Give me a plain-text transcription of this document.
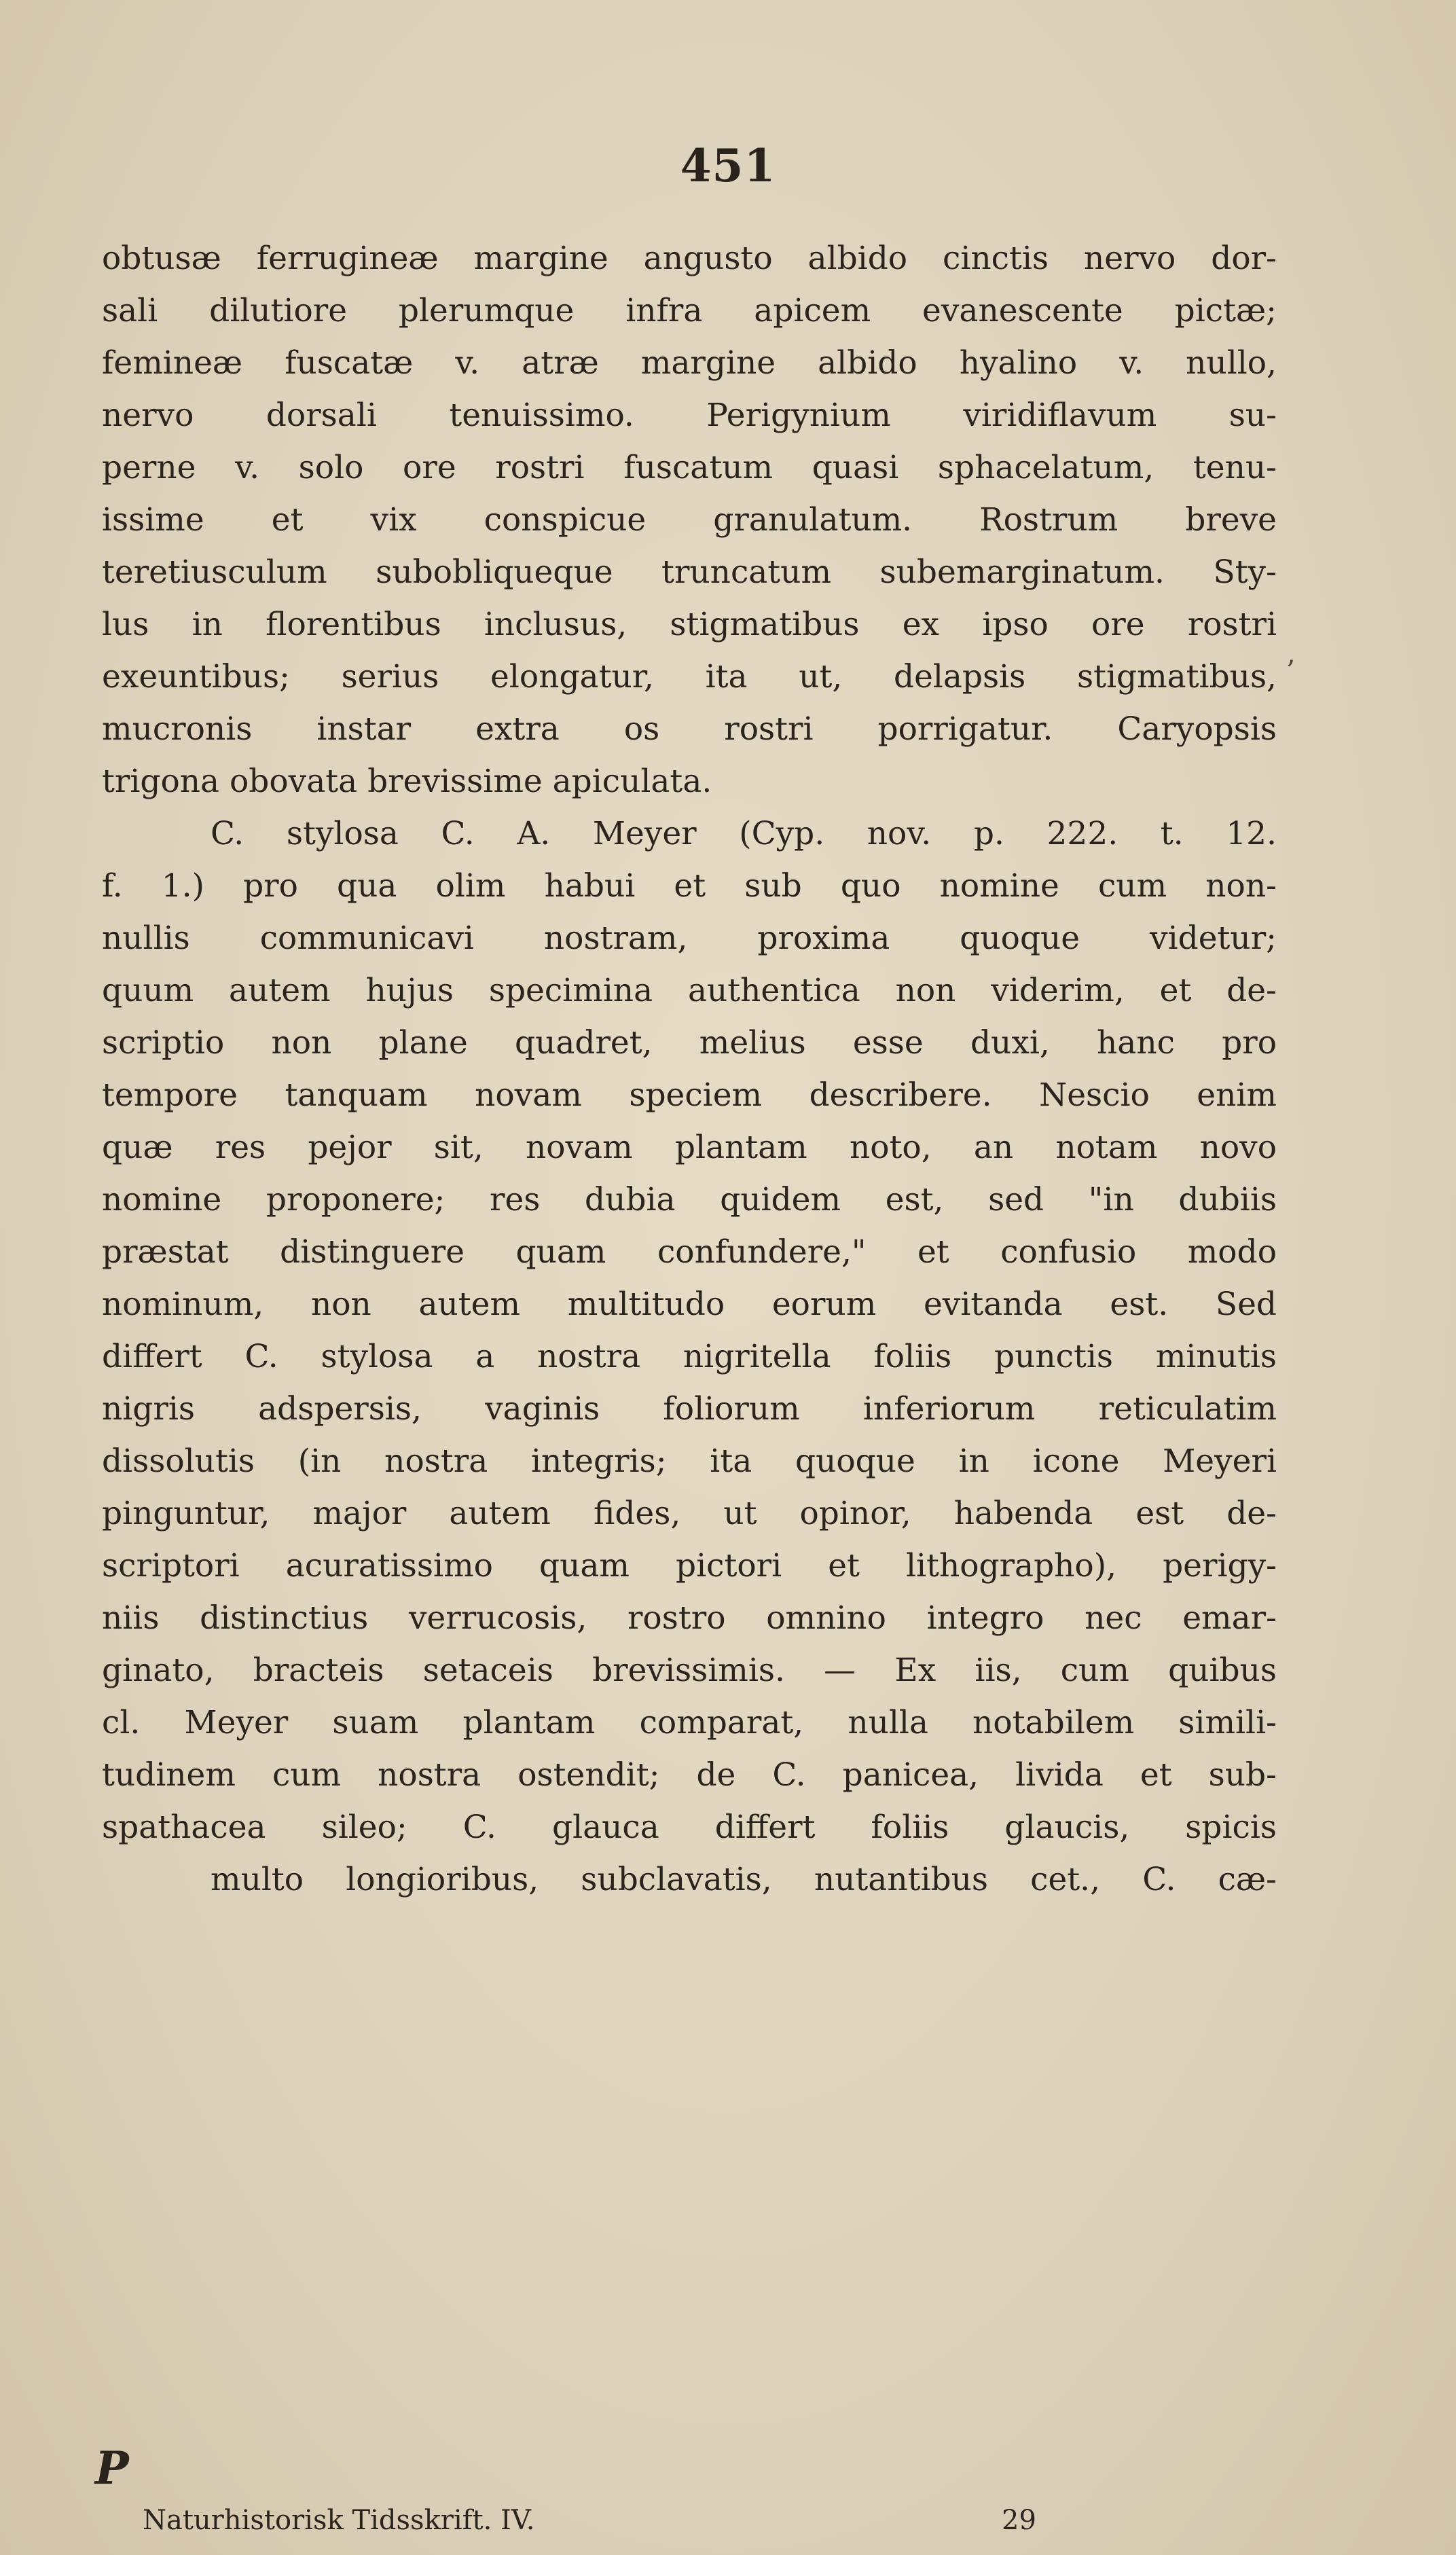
451
obtusæ ferrugineæ margine angusto albido cinctis nervo dor-
sali dilutiore plerumque infra apicem evanescente pictæ;
femineæ fuscatæ v. atræ margine albido hyalino v. nullo,
nervo dorsali tenuissimo. Perigynium viridiflavum su-
perne v. solo ore rostri fuscatum quasi sphacelatum, tenu-
issime et vix conspicue granulatum. Rostrum breve
teretiusculum subobliqueque truncatum subemarginatum. Sty-
lus in florentibus inclusus, stigmatibus ex ipso ore rostri
exeuntibus; serius elongatur, ita ut, delapsis stigmatibus,
mucronis instar extra os rostri porrigatur. Caryopsis
trigona obovata brevissime apiculata.
C. stylosa C. A. Meyer (Cyp. nov. p. 222. t. 12.
f. 1.) pro qua olim habui et sub quo nomine cum non-
nullis communicavi nostram, proxima quoque videtur;
quum autem hujus specimina authentica non viderim, et de-
scriptio non plane quadret, melius esse duxi, hanc pro
tempore tanquam novam speciem describere. Nescio enim
quæ res pejor sit, novam plantam noto, an notam novo
nomine proponere; res dubia quidem est, sed "in dubiis
præstat distinguere quam confundere," et confusio modo
nominum, non autem multitudo eorum evitanda est. Sed
differt C. stylosa a nostra nigritella foliis punctis minutis
nigris adspersis, vaginis foliorum inferiorum reticulatim
dissolutis (in nostra integris; ita quoque in icone Meyeri
pinguntur, major autem fides, ut opinor, habenda est de-
scriptori acuratissimo quam pictori et lithographo), perigy-
niis distinctius verrucosis, rostro omnino integro nec emar-
ginato, bracteis setaceis brevissimis. — Ex iis, cum quibus
cl. Meyer suam plantam comparat, nulla notabilem simili-
tudinem cum nostra ostendit; de C. panicea, livida et sub-
spathacea sileo; C. glauca differt foliis glaucis, spicis
multo longioribus, subclavatis, nutantibus cet., C. cæ-
,
P
Naturhistorisk Tidsskrift. IV.	29
